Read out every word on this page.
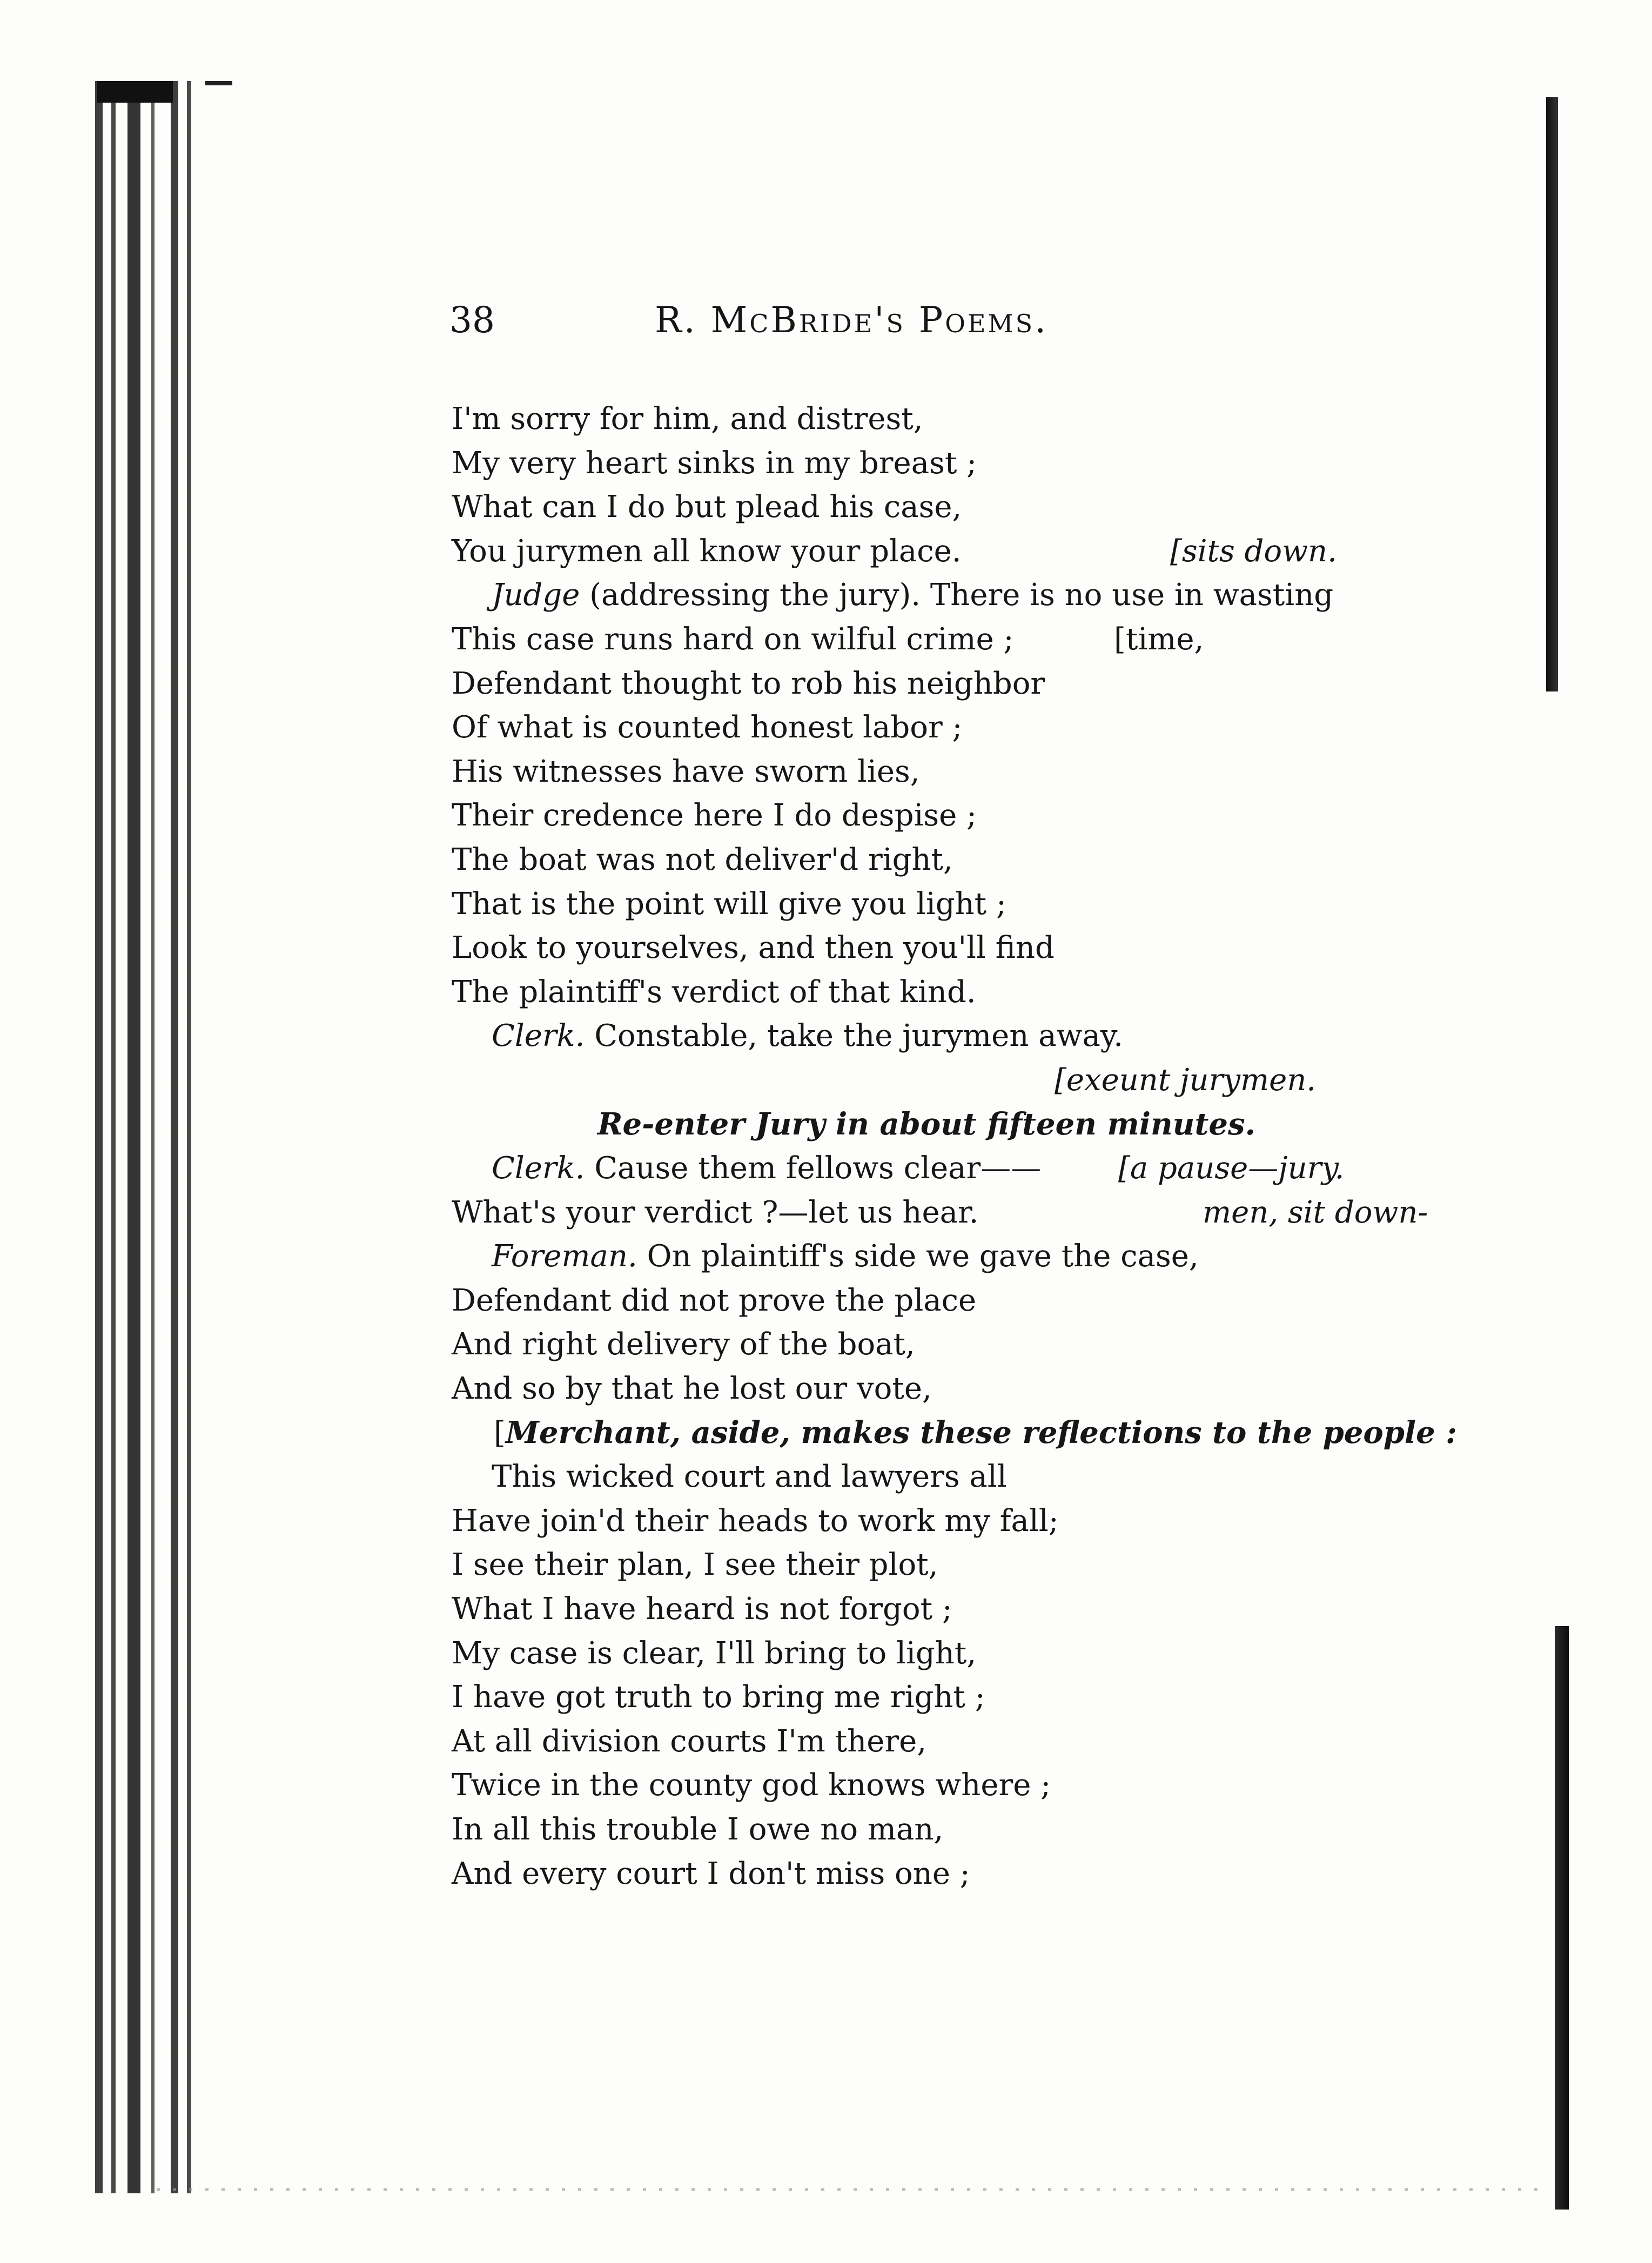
38	R. McBride's Poems.
I'm sorry for him, and distrest,
My very heart sinks in my breast ;
What can I do but plead his case,
You jurymen all know your place.	[sits down.
Judge (addressing the jury). There is no use in wasting
This case runs hard on wilful crime ;	[time,
Defendant thought to rob his neighbor
Of what is counted honest labor ;
His witnesses have sworn lies,
Their credence here I do despise ;
The boat was not deliver'd right,
That is the point will give you light ;
Look to yourselves, and then you'll find
The plaintiff's verdict of that kind.
Clerk. Constable, take the jurymen away.
[exeunt jurymen.
Re-enter Jury in about fifteen minutes.
Clerk. Cause them fellows clear——	[a pause—jury.
What's your verdict ?—let us hear.	men, sit down-
Foreman. On plaintiff's side we gave the case,
Defendant did not prove the place
And right delivery of the boat,
And so by that he lost our vote,
[Merchant, aside, makes these reflections to the people :
This wicked court and lawyers all
Have join'd their heads to work my fall;
I see their plan, I see their plot,
What I have heard is not forgot ;
My case is clear, I'll bring to light,
I have got truth to bring me right ;
At all division courts I'm there,
Twice in the county god knows where ;
In all this trouble I owe no man,
And every court I don't miss one ;
